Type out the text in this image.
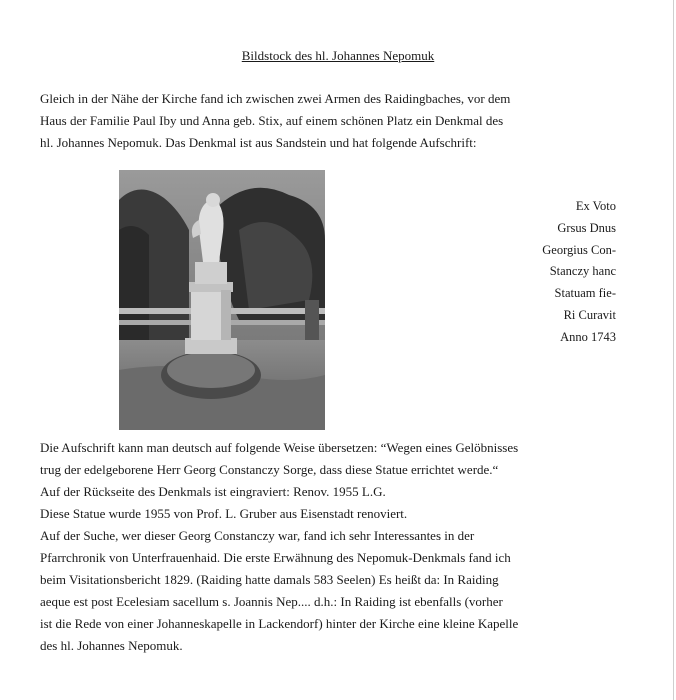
Bildstock des hl. Johannes Nepomuk
Gleich in der Nähe der Kirche fand ich zwischen zwei Armen des Raidingbaches, vor dem
Haus der Familie Paul Iby und Anna geb. Stix, auf einem schönen Platz ein Denkmal des
hl. Johannes Nepomuk. Das Denkmal ist aus Sandstein und hat folgende Aufschrift:
Ex Voto
Grsus Dnus
Georgius Con-
Stanczy hanc
Statuam fie-
Ri Curavit
Anno 1743
Die Aufschrift kann man deutsch auf folgende Weise übersetzen: “Wegen eines Gelöbnisses
trug der edelgeborene Herr Georg Constanczy Sorge, dass diese Statue errichtet werde.“
Auf der Rückseite des Denkmals ist eingraviert: Renov. 1955 L.G.
Diese Statue wurde 1955 von Prof. L. Gruber aus Eisenstadt renoviert.
Auf der Suche, wer dieser Georg Constanczy war, fand ich sehr Interessantes in der
Pfarrchronik von Unterfrauenhaid. Die erste Erwähnung des Nepomuk-Denkmals fand ich
beim Visitationsbericht 1829. (Raiding hatte damals 583 Seelen) Es heißt da: In Raiding
aeque est post Ecelesiam sacellum s. Joannis Nep.... d.h.: In Raiding ist ebenfalls (vorher
ist die Rede von einer Johanneskapelle in Lackendorf) hinter der Kirche eine kleine Kapelle
des hl. Johannes Nepomuk.
